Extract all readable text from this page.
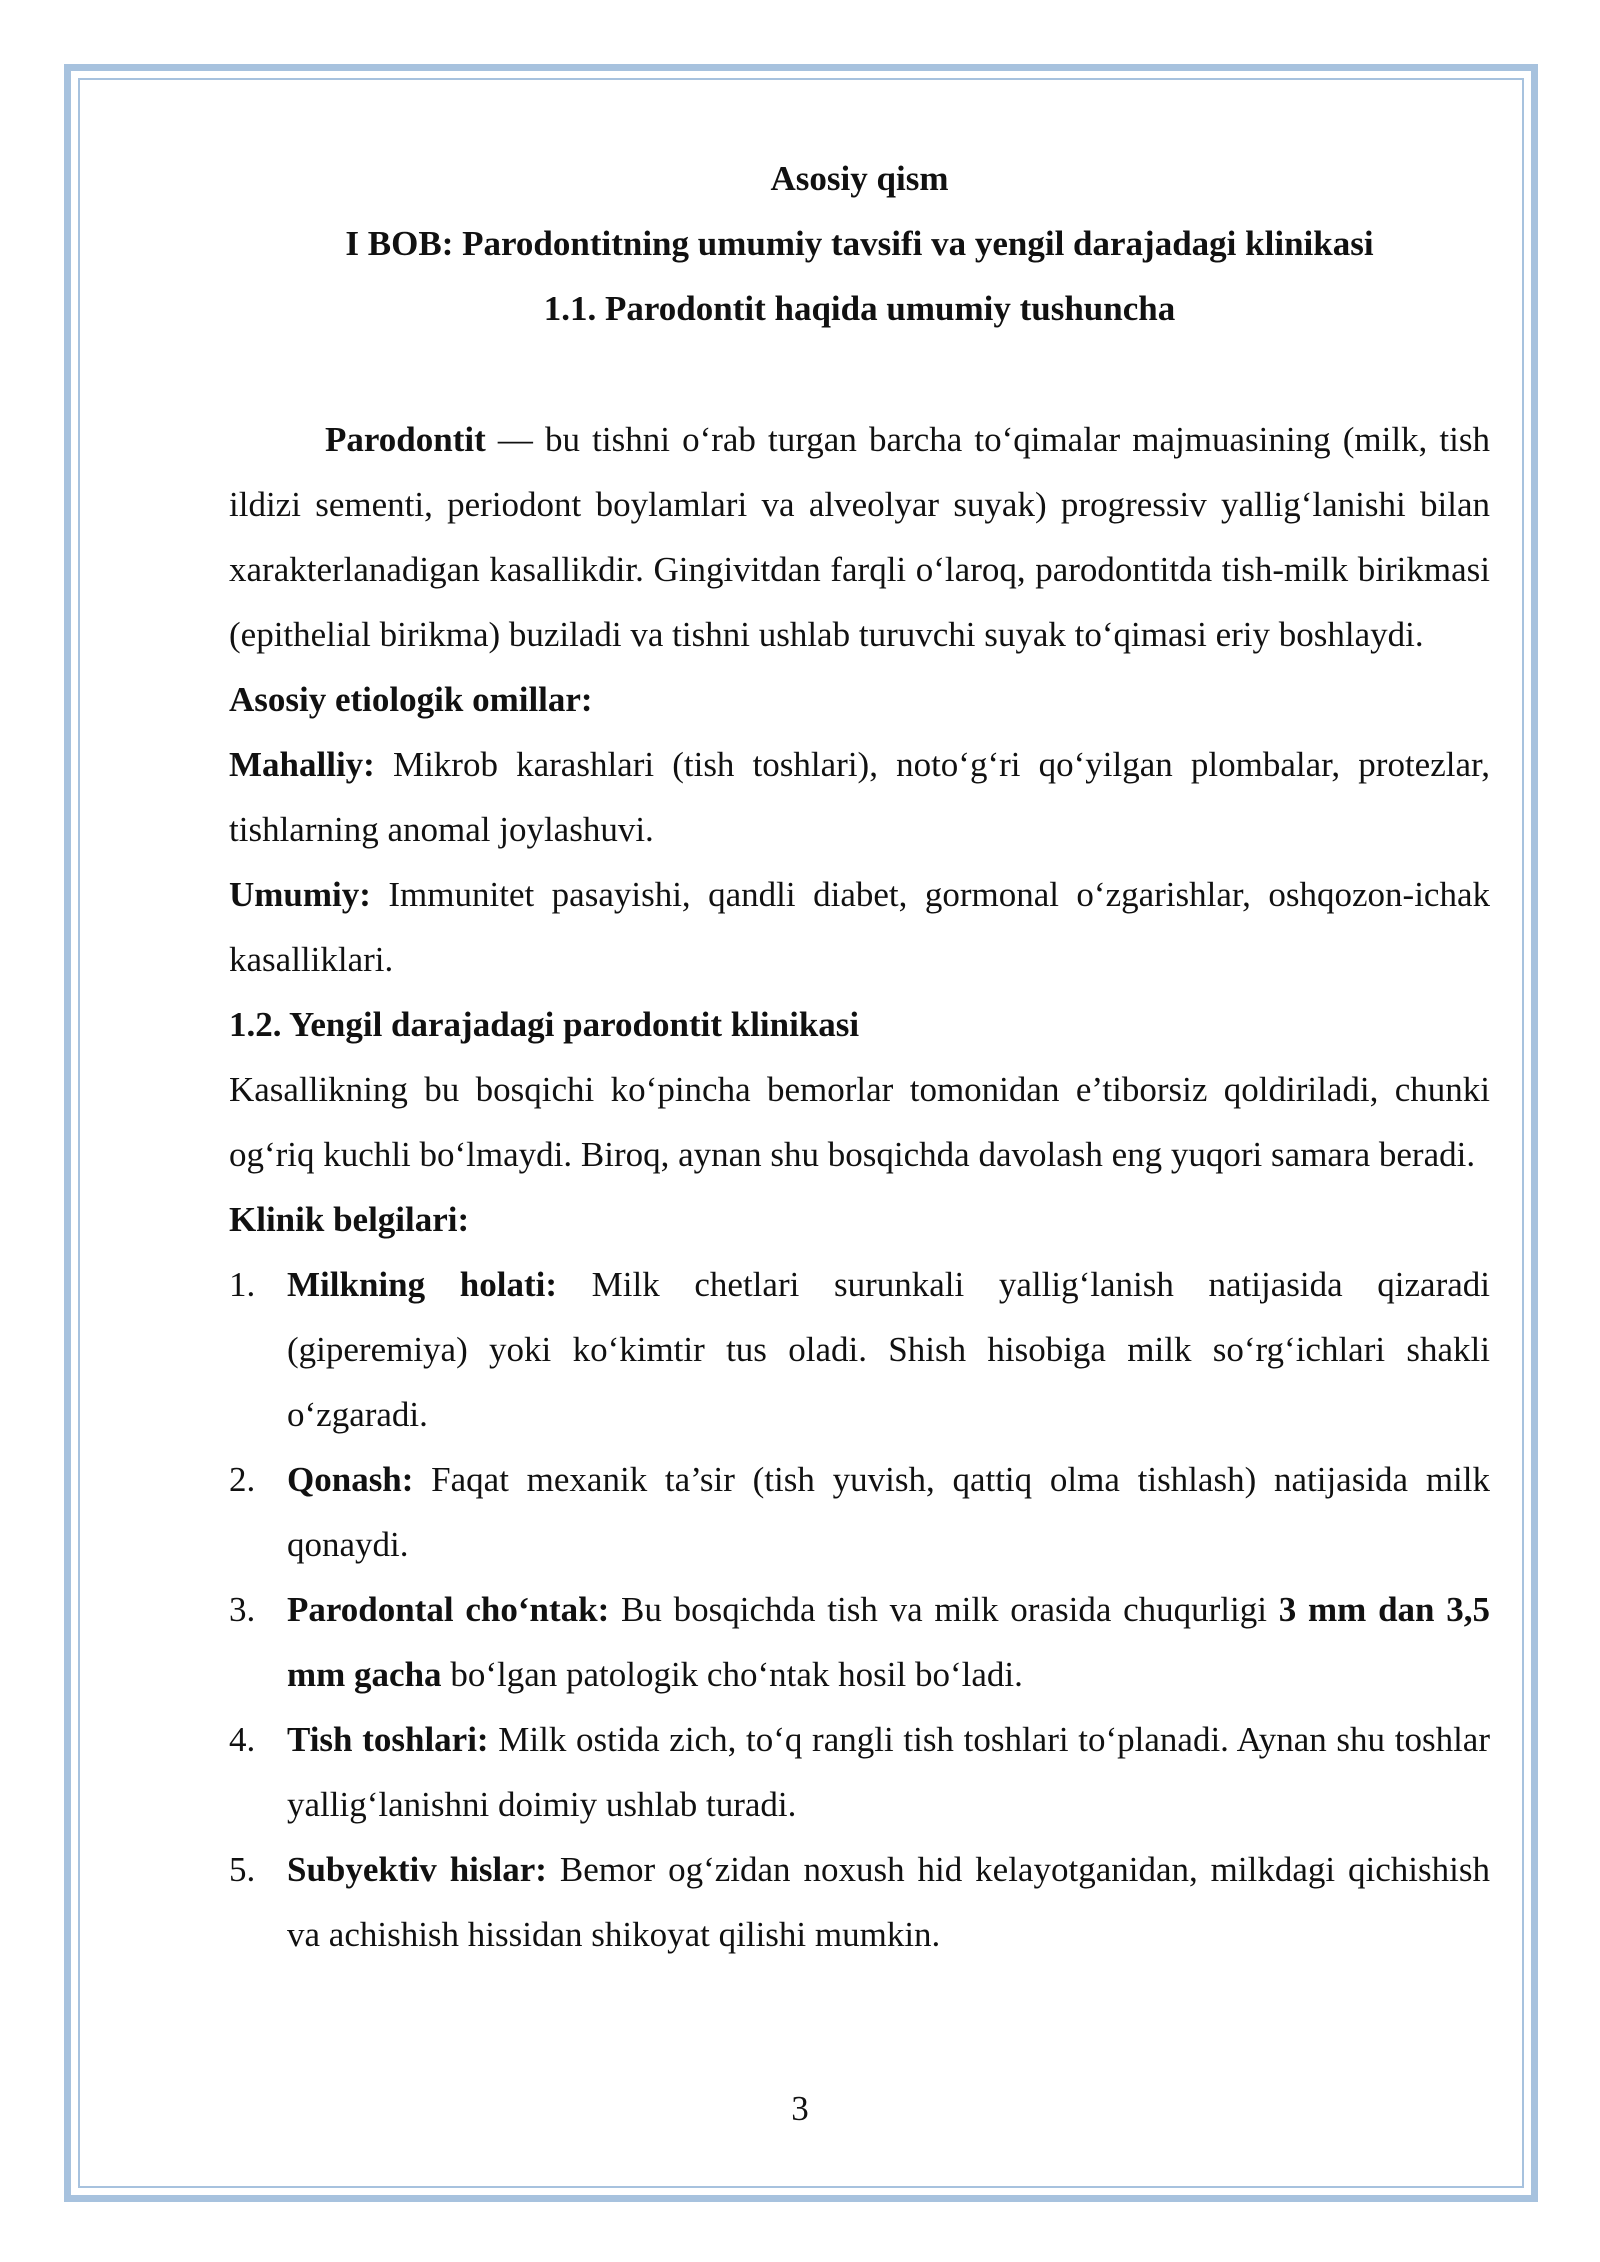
Asosiy qism
I BOB: Parodontitning umumiy tavsifi va yengil darajadagi klinikasi
1.1. Parodontit haqida umumiy tushuncha

Parodontit — bu tishni o‘rab turgan barcha to‘qimalar majmuasining (milk, tish ildizi sementi, periodont boylamlari va alveolyar suyak) progressiv yallig‘lanishi bilan xarakterlanadigan kasallikdir. Gingivitdan farqli o‘laroq, parodontitda tish-milk birikmasi (epithelial birikma) buziladi va tishni ushlab turuvchi suyak to‘qimasi eriy boshlaydi.

Asosiy etiologik omillar:

Mahalliy: Mikrob karashlari (tish toshlari), noto‘g‘ri qo‘yilgan plombalar, protezlar, tishlarning anomal joylashuvi.

Umumiy: Immunitet pasayishi, qandli diabet, gormonal o‘zgarishlar, oshqozon-ichak kasalliklari.

1.2. Yengil darajadagi parodontit klinikasi

Kasallikning bu bosqichi ko‘pincha bemorlar tomonidan e’tiborsiz qoldiriladi, chunki og‘riq kuchli bo‘lmaydi. Biroq, aynan shu bosqichda davolash eng yuqori samara beradi.

Klinik belgilari:
1. Milkning holati: Milk chetlari surunkali yallig‘lanish natijasida qizaradi (giperemiya) yoki ko‘kimtir tus oladi. Shish hisobiga milk so‘rg‘ichlari shakli o‘zgaradi.
2. Qonash: Faqat mexanik ta’sir (tish yuvish, qattiq olma tishlash) natijasida milk qonaydi.
3. Parodontal cho‘ntak: Bu bosqichda tish va milk orasida chuqurligi 3 mm dan 3,5 mm gacha bo‘lgan patologik cho‘ntak hosil bo‘ladi.
4. Tish toshlari: Milk ostida zich, to‘q rangli tish toshlari to‘planadi. Aynan shu toshlar yallig‘lanishni doimiy ushlab turadi.
5. Subyektiv hislar: Bemor og‘zidan noxush hid kelayotganidan, milkdagi qichishish va achishish hissidan shikoyat qilishi mumkin.
3
